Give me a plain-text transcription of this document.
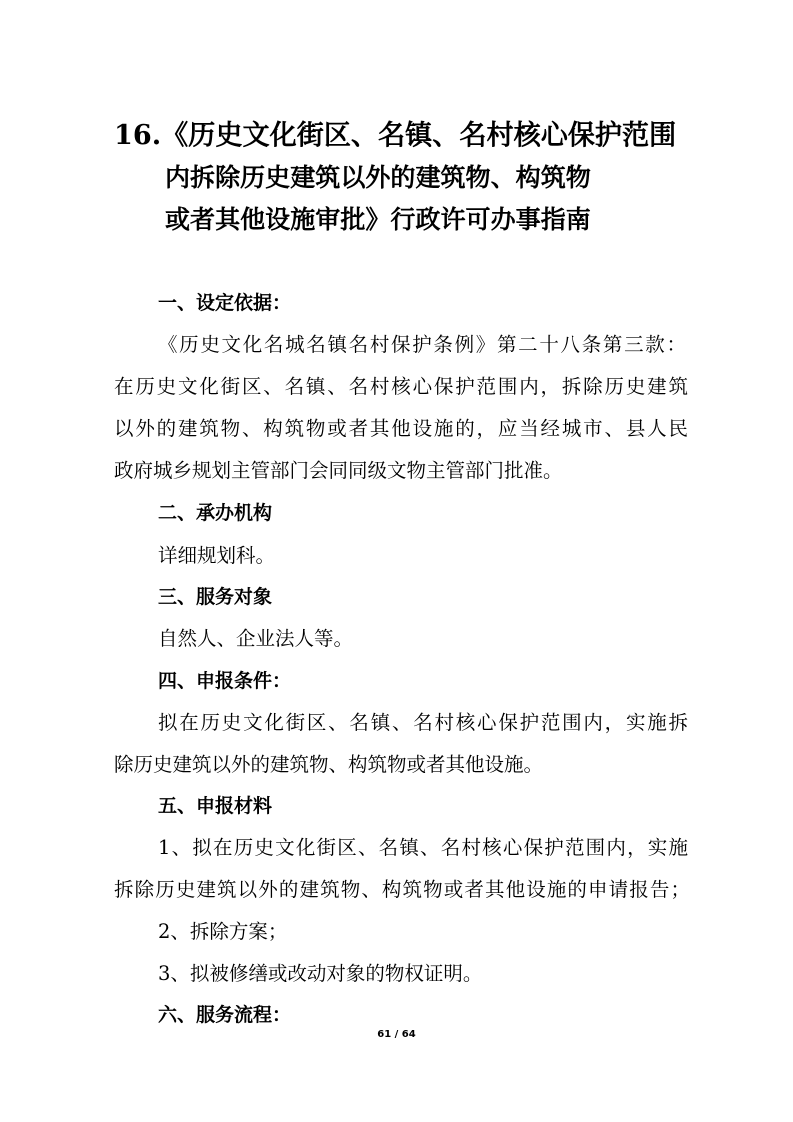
16.《历史文化街区、名镇、名村核心保护范围
内拆除历史建筑以外的建筑物、构筑物
或者其他设施审批》行政许可办事指南
一、设定依据：
《历史文化名城名镇名村保护条例》第二十八条第三款：
在历史文化街区、名镇、名村核心保护范围内，拆除历史建筑
以外的建筑物、构筑物或者其他设施的，应当经城市、县人民
政府城乡规划主管部门会同同级文物主管部门批准。
二、承办机构
详细规划科。
三、服务对象
自然人、企业法人等。
四、申报条件：
拟在历史文化街区、名镇、名村核心保护范围内，实施拆
除历史建筑以外的建筑物、构筑物或者其他设施。
五、申报材料
1、拟在历史文化街区、名镇、名村核心保护范围内，实施
拆除历史建筑以外的建筑物、构筑物或者其他设施的申请报告；
2、拆除方案；
3、拟被修缮或改动对象的物权证明。
六、服务流程：
61 / 64
